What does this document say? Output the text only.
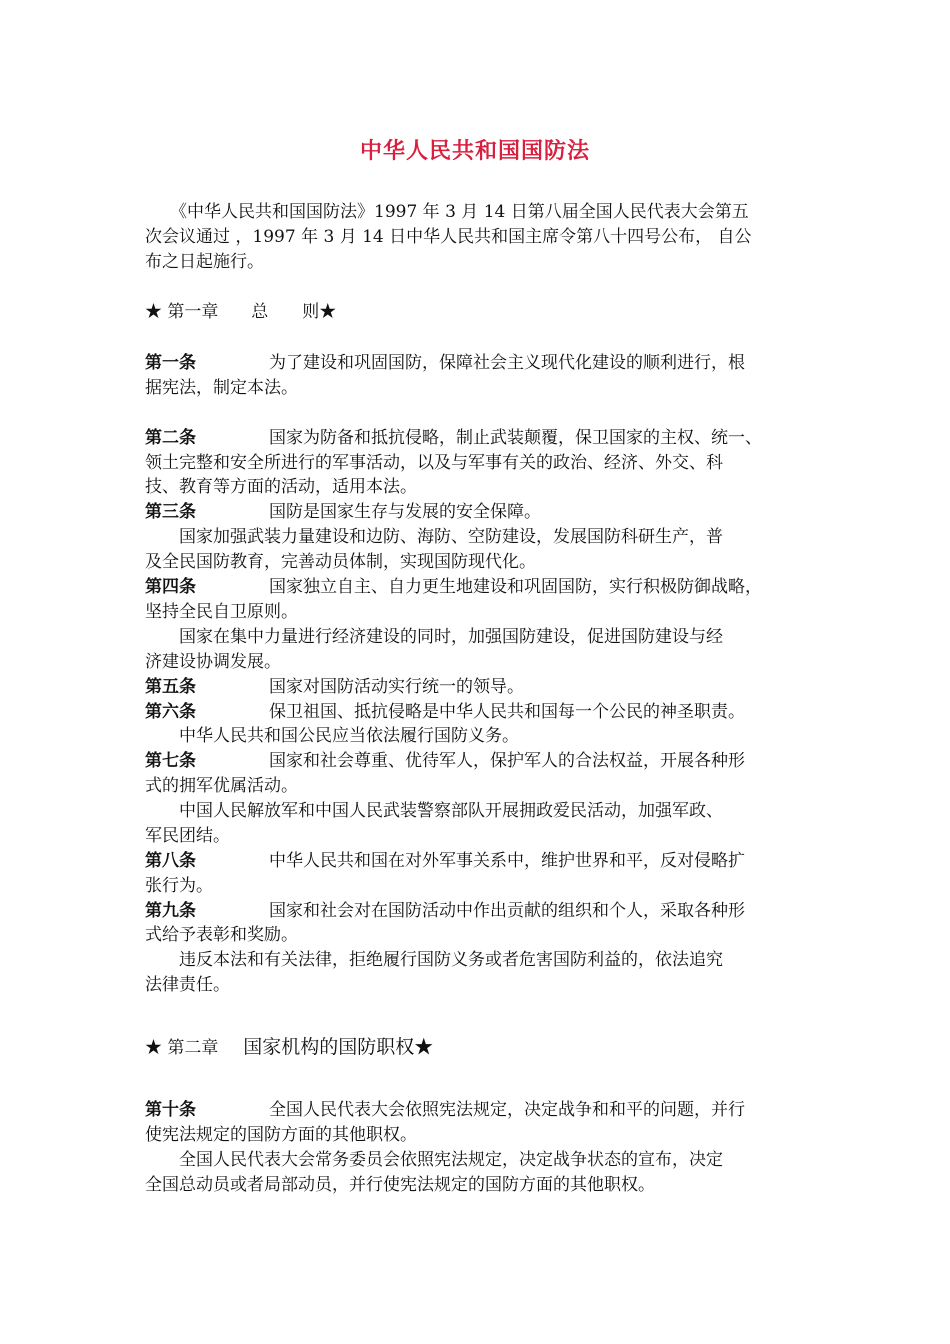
中华人民共和国国防法
《中华人民共和国国防法》1997 年 3 月 14 日第八届全国人民代表大会第五
次会议通过 ，1997 年 3 月 14 日中华人民共和国主席令第八十四号公布， 自公
布之日起施行。
★ 第一章 总　　则★
第一条	为了建设和巩固国防，保障社会主义现代化建设的顺利进行，根
据宪法，制定本法。
第二条	国家为防备和抵抗侵略，制止武装颠覆，保卫国家的主权、统一、
领土完整和安全所进行的军事活动，以及与军事有关的政治、经济、外交、科
技、教育等方面的活动，适用本法。
第三条	国防是国家生存与发展的安全保障。
国家加强武装力量建设和边防、海防、空防建设，发展国防科研生产，普
及全民国防教育，完善动员体制，实现国防现代化。
第四条	国家独立自主、自力更生地建设和巩固国防，实行积极防御战略，
坚持全民自卫原则。
国家在集中力量进行经济建设的同时，加强国防建设，促进国防建设与经
济建设协调发展。
第五条	国家对国防活动实行统一的领导。
第六条	保卫祖国、抵抗侵略是中华人民共和国每一个公民的神圣职责。
中华人民共和国公民应当依法履行国防义务。
第七条	国家和社会尊重、优待军人，保护军人的合法权益，开展各种形
式的拥军优属活动。
中国人民解放军和中国人民武装警察部队开展拥政爱民活动，加强军政、
军民团结。
第八条	中华人民共和国在对外军事关系中，维护世界和平，反对侵略扩
张行为。
第九条	国家和社会对在国防活动中作出贡献的组织和个人，采取各种形
式给予表彰和奖励。
违反本法和有关法律，拒绝履行国防义务或者危害国防利益的，依法追究
法律责任。
★ 第二章 国家机构的国防职权★
第十条	全国人民代表大会依照宪法规定，决定战争和和平的问题，并行
使宪法规定的国防方面的其他职权。
全国人民代表大会常务委员会依照宪法规定，决定战争状态的宣布，决定
全国总动员或者局部动员，并行使宪法规定的国防方面的其他职权。
